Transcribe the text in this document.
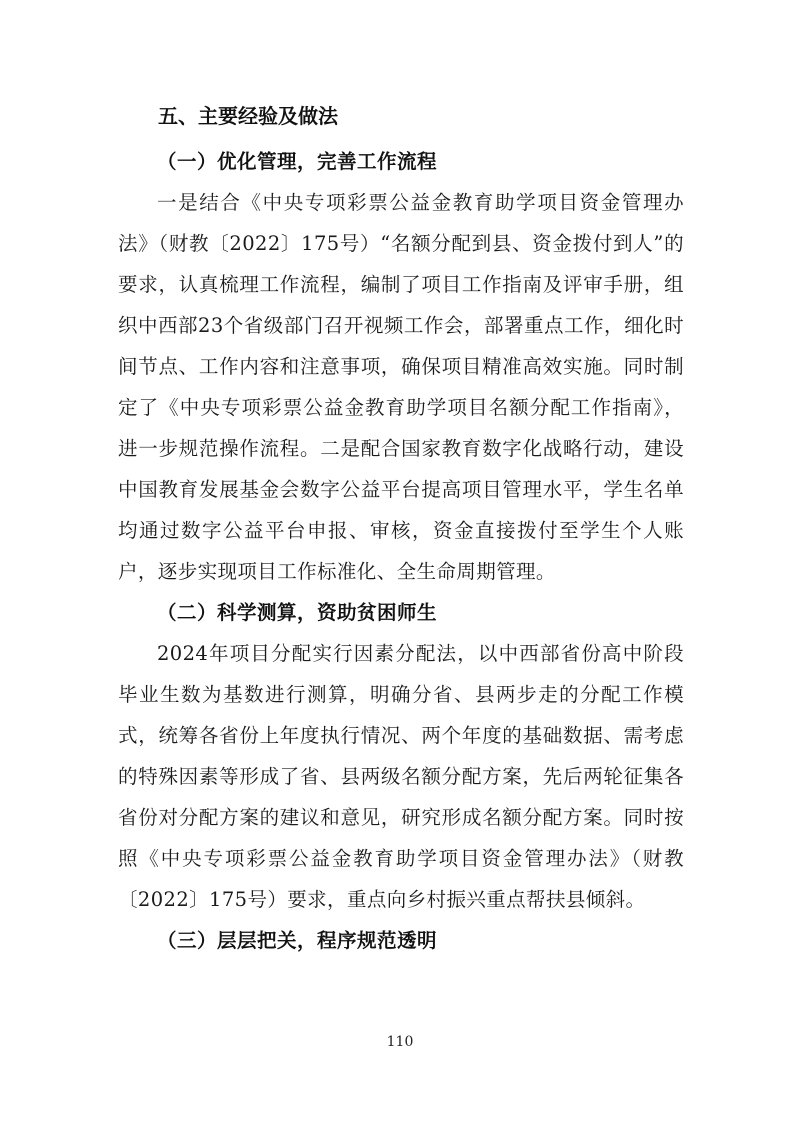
五、主要经验及做法

（一）优化管理，完善工作流程

一是结合《中央专项彩票公益金教育助学项目资金管理办法》（财教〔2022〕175号）“名额分配到县、资金拨付到人”的要求，认真梳理工作流程，编制了项目工作指南及评审手册，组织中西部23个省级部门召开视频工作会，部署重点工作，细化时间节点、工作内容和注意事项，确保项目精准高效实施。同时制定了《中央专项彩票公益金教育助学项目名额分配工作指南》，进一步规范操作流程。二是配合国家教育数字化战略行动，建设中国教育发展基金会数字公益平台提高项目管理水平，学生名单均通过数字公益平台申报、审核，资金直接拨付至学生个人账户，逐步实现项目工作标准化、全生命周期管理。

（二）科学测算，资助贫困师生

2024年项目分配实行因素分配法，以中西部省份高中阶段毕业生数为基数进行测算，明确分省、县两步走的分配工作模式，统筹各省份上年度执行情况、两个年度的基础数据、需考虑的特殊因素等形成了省、县两级名额分配方案，先后两轮征集各省份对分配方案的建议和意见，研究形成名额分配方案。同时按照《中央专项彩票公益金教育助学项目资金管理办法》（财教〔2022〕175号）要求，重点向乡村振兴重点帮扶县倾斜。

（三）层层把关，程序规范透明

110
